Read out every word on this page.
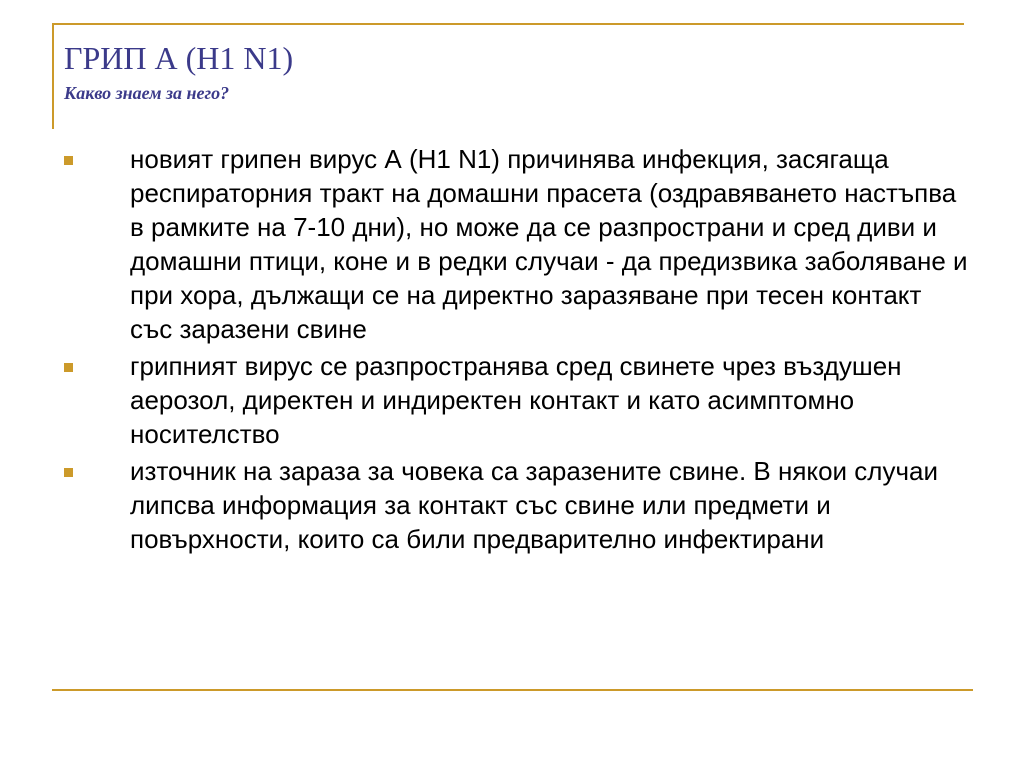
ГРИП А (Н1 N1)
Какво знаем за него?
новият грипен вирус А (Н1 N1) причинява инфекция, засягаща респираторния тракт на домашни прасета (оздравяването настъпва в рамките на 7-10 дни), но може да се разпространи и сред диви и домашни птици, коне и в редки случаи - да предизвика заболяване и при хора, дължащи се на директно заразяване при тесен контакт със заразени свине
грипният вирус се разпространява сред свинете чрез въздушен аерозол, директен и индиректен контакт и като асимптомно носителство
източник на зараза за човека са заразените свине. В някои случаи липсва информация за контакт със свине или предмети и повърхности, които са били предварително инфектирани
